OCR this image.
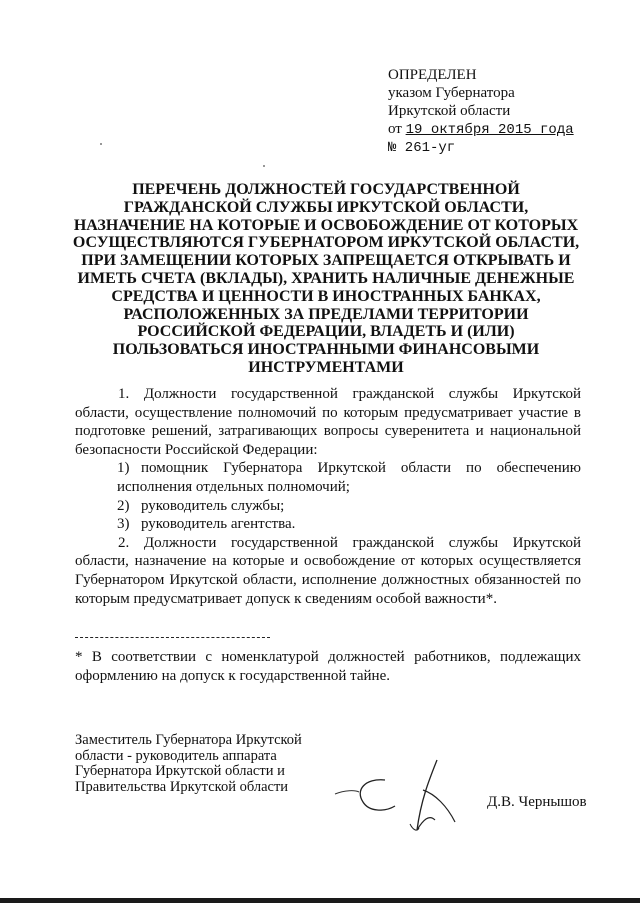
ОПРЕДЕЛЕН
указом Губернатора
Иркутской области
от 19 октября 2015 года
№ 261-уг
ПЕРЕЧЕНЬ ДОЛЖНОСТЕЙ ГОСУДАРСТВЕННОЙ ГРАЖДАНСКОЙ СЛУЖБЫ ИРКУТСКОЙ ОБЛАСТИ, НАЗНАЧЕНИЕ НА КОТОРЫЕ И ОСВОБОЖДЕНИЕ ОТ КОТОРЫХ ОСУЩЕСТВЛЯЮТСЯ ГУБЕРНАТОРОМ ИРКУТСКОЙ ОБЛАСТИ, ПРИ ЗАМЕЩЕНИИ КОТОРЫХ ЗАПРЕЩАЕТСЯ ОТКРЫВАТЬ И ИМЕТЬ СЧЕТА (ВКЛАДЫ), ХРАНИТЬ НАЛИЧНЫЕ ДЕНЕЖНЫЕ СРЕДСТВА И ЦЕННОСТИ В ИНОСТРАННЫХ БАНКАХ, РАСПОЛОЖЕННЫХ ЗА ПРЕДЕЛАМИ ТЕРРИТОРИИ РОССИЙСКОЙ ФЕДЕРАЦИИ, ВЛАДЕТЬ И (ИЛИ) ПОЛЬЗОВАТЬСЯ ИНОСТРАННЫМИ ФИНАНСОВЫМИ ИНСТРУМЕНТАМИ

1. Должности государственной гражданской службы Иркутской области, осуществление полномочий по которым предусматривает участие в подготовке решений, затрагивающих вопросы суверенитета и национальной безопасности Российской Федерации:

1) помощник Губернатора Иркутской области по обеспечению исполнения отдельных полномочий;

2) руководитель службы;

3) руководитель агентства.

2. Должности государственной гражданской службы Иркутской области, назначение на которые и освобождение от которых осуществляется Губернатором Иркутской области, исполнение должностных обязанностей по которым предусматривает допуск к сведениям особой важности*.

* В соответствии с номенклатурой должностей работников, подлежащих оформлению на допуск к государственной тайне.
Заместитель Губернатора Иркутской
области - руководитель аппарата
Губернатора Иркутской области и
Правительства Иркутской области
Д.В. Чернышов
